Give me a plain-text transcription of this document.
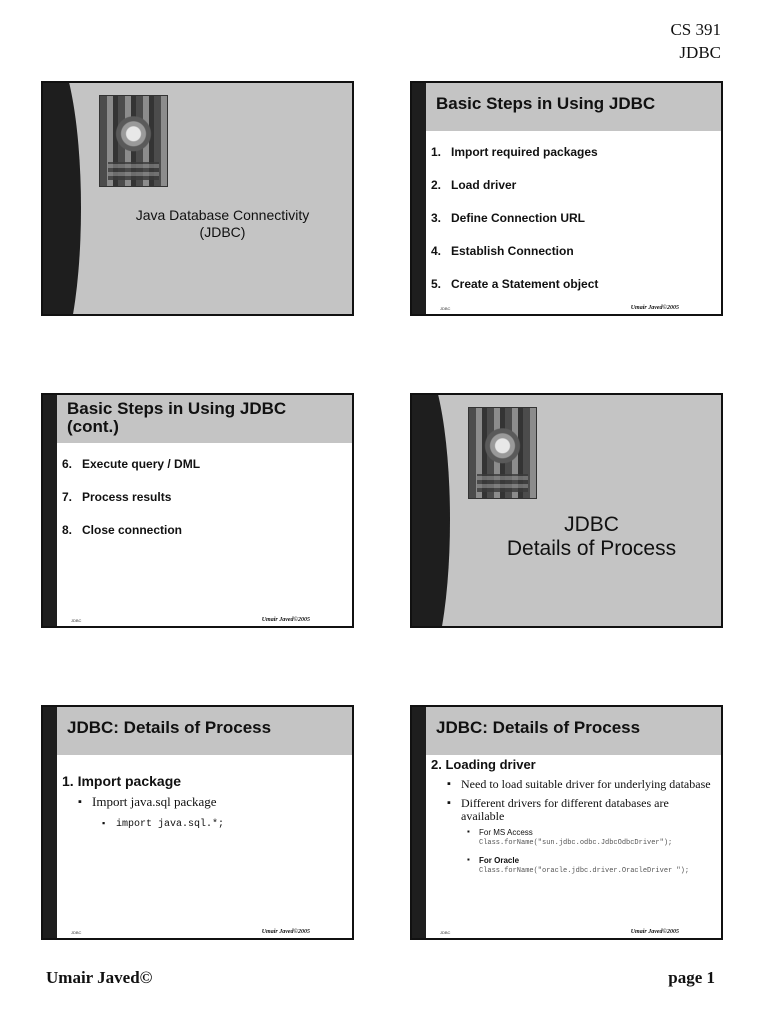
CS 391
JDBC
Java Database Connectivity
(JDBC)
Basic Steps in Using JDBC
1. Import required packages
2. Load driver
3. Define Connection URL
4. Establish Connection
5. Create a Statement object
JDBC	Umair Javed©2005
Basic Steps in Using JDBC (cont.)
6. Execute query / DML
7. Process results
8. Close connection
JDBC	Umair Javed©2005
JDBC
Details of Process
JDBC: Details of Process
1. Import package
▪ Import java.sql package
▪ import java.sql.*;
JDBC	Umair Javed©2005
JDBC: Details of Process
2. Loading driver
▪ Need to load suitable driver for underlying database
▪ Different drivers for different databases are available
▪ For MS Access
Class.forName("sun.jdbc.odbc.JdbcOdbcDriver");
▪ For Oracle
Class.forName("oracle.jdbc.driver.OracleDriver ");
JDBC	Umair Javed©2005
Umair Javed©	page 1
